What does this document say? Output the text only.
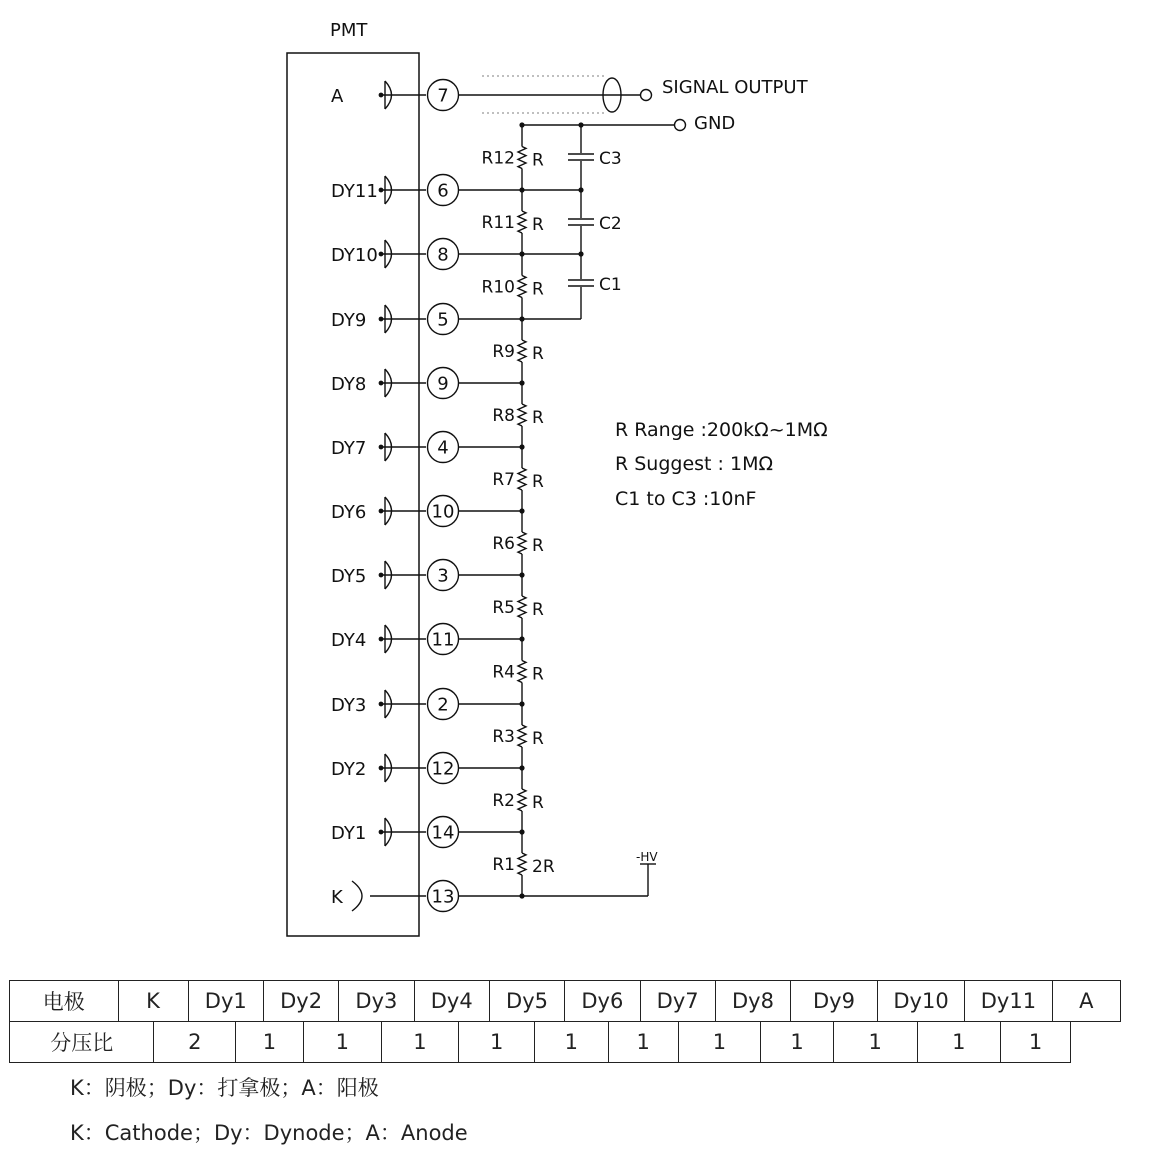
PMT
SIGNAL OUTPUT
GND
-HV
A	7
DY11	6
DY10	8
DY9	5
DY8	9
DY7	4
DY6	10
DY5	3
DY4	11
DY3	2
DY2	12
DY1	14
K	13
R12 R
R11 R
R10 R
R9 R
R8 R
R7 R
R6 R
R5 R
R4 R
R3 R
R2 R
R1 2R
C3
C2
C1
R Range :200kΩ~1MΩ
R Suggest : 1MΩ
C1 to C3 :10nF
电极	K	Dy1	Dy2	Dy3	Dy4	Dy5	Dy6	Dy7	Dy8	Dy9	Dy10	Dy11	A
分压比	2	1	1	1	1	1	1	1	1	1	1	1
K：阴极；Dy：打拿极；A：阳极
K：Cathode；Dy：Dynode；A：Anode
